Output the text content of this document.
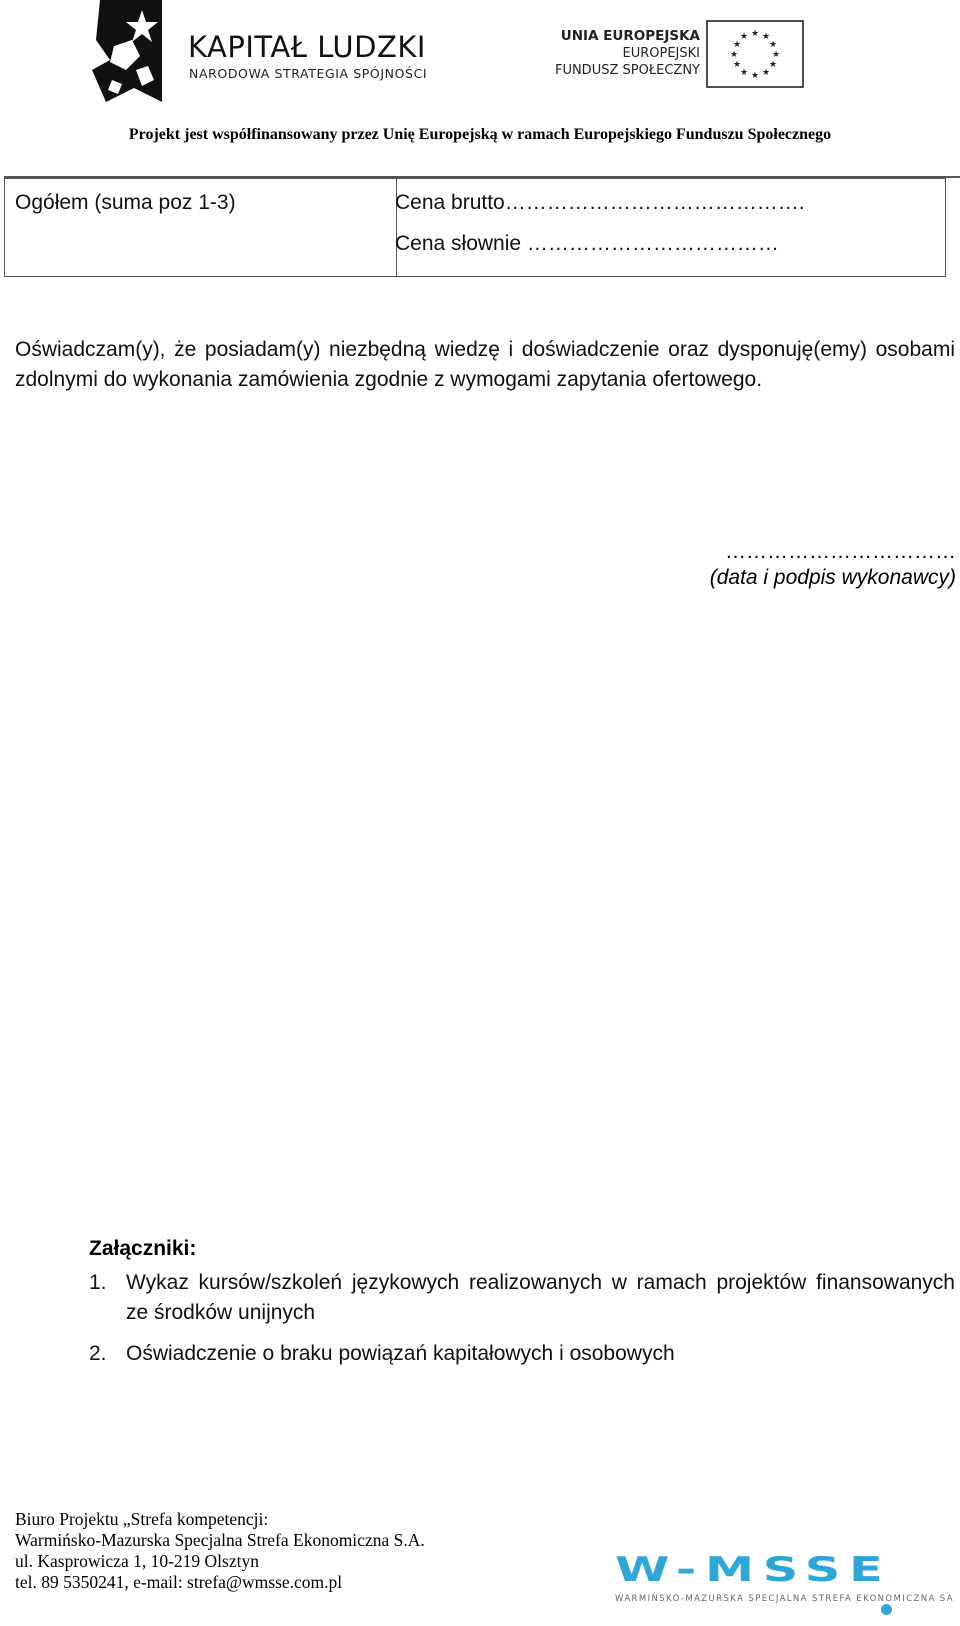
KAPITAŁ LUDZKI
NARODOWA STRATEGIA SPÓJNOŚCI
UNIA EUROPEJSKA
EUROPEJSKI
FUNDUSZ SPOŁECZNY
★ ★
★
★
★
★
★
★
★
★
★
★
Projekt jest współfinansowany przez Unię Europejską w ramach Europejskiego Funduszu Społecznego
Ogółem (suma poz 1-3)	Cena brutto…………………………………….
Cena słownie ………………………………
Oświadczam(y), że posiadam(y) niezbędną wiedzę i doświadczenie oraz dysponuję(emy) osobami zdolnymi do wykonania zamówienia zgodnie z wymogami zapytania ofertowego.
……………………………
(data i podpis wykonawcy)
Załączniki:
1. Wykaz kursów/szkoleń językowych realizowanych w ramach projektów finansowanych ze środków unijnych
2. Oświadczenie o braku powiązań kapitałowych i osobowych
Biuro Projektu „Strefa kompetencji:
Warmińsko-Mazurska Specjalna Strefa Ekonomiczna S.A.
ul. Kasprowicza 1, 10-219 Olsztyn
tel. 89 5350241, e-mail: strefa@wmsse.com.pl	W-MSSE
WARMIŃSKO-MAZURSKA SPECJALNA STREFA EKONOMICZNA SA
